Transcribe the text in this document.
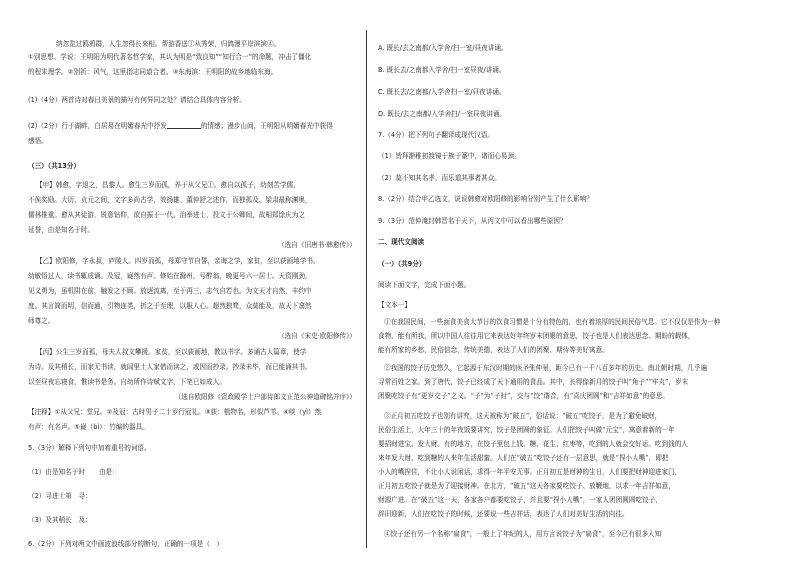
纳忽览过鸥鸦群，人生忽得长来相。帮游香送①从秀荣，归鸽漫平岸滨滨④。
①别思想、学说：王明阳为明代著名哲学家，其认为明是“致良知”“知行合一”的命题，冲击了僵化
的程朱理学。②别祈：风气，这里指志同道合者。③东海滨：王明阳的故乡地临东海。
(1)（4分）两首诗对春日美景的描写有何异同之处？请结合具体内容分析。
(2)（2分）行于湖畔，白居易在明媚春光中抒发	的情感；漫步山间，王明阳从明媚春光中获得
感悟。
（三）（共13分）
【甲】韩愈，字退之，昌黎人。愈生三岁而孤，养于从父兄①。愈自以孤子，幼刻苦学儒，
不俟奖励。大历、贞元之间，文字多尚古学，效扬雄、董仲舒之述作，而独孤及、梁肃最称渊奥，
儒林推重。愈从其徒游，锐意钻仰，欲自振于一代。洎举进士，投文于公卿间，故相郑馀庆为之
延誉，由是知名于时。
（选自《旧唐书·韩愈传》）
【乙】欧阳修，字永叔，庐陵人。四岁而孤，母郑守节自誓，亲诲之学，家贫，至以荻画地学书。
幼敏悟过人，读书辄成诵。及冠，嶷然有声。修始在滁州，号醉翁，晚更号六一居士。天资刚劲，
见义勇为，虽机阱在前，触发之不顾。放逐流离，至于再三，志气自若也。为文天才自然，丰约中
度。其言简而明，信而通，引物连类，折之于至理，以服人心。超然独骛，众莫能及，故天下翕然
师尊之。
（选自《宋史·欧阳修传》）
【丙】公生三岁而孤，母夫人叔文攀援。家贫，至以荻画地，教以书字。多诵古人篇章，使学
为诗。及其稍长，而家无书读，就闾里士人家借而读之，或因而抄录。抄录未毕，而已能诵其书。
以至昼夜忘寝食，惟读书是务。自幼所作诗赋文字，下笔已如成人。
（选自欧阳修《资政殿学士户部侍郎文正范公神道碑铭并序》）
【注释】①从父兄：堂兄。②及冠：古时男子二十岁行冠礼。③荻：植物名，形似芦苇。④啖（yì）然
有声：有名声。⑤嶷（bì）：竹编的器具。
5.（3分）解释下列句中加着重号的词语。
（1）由是知名于时 由是：
（2）寻进士第　寻：
（3）及其稍长　及：
6.（2分）下列对两文中画波浪线部分的断句，正确的一项是（　）
A. 既长/去之南都/入学舍/扫一室/昼夜讲诵。
B. 既长去/之南都入学舍/扫一室昼夜/讲诵。
C. 既长去/之南都/入学舍扫一室/昼夜讲诵。
D. 既长/去之南都/入学舍扫/一室昼夜讲诵。
7.（4分）把下列句子翻译成现代汉语。
（1）皆拜渐稚初渡镜于族于篆中，诸而心易颈。
（2）莫不知其名孝，而乐道其事者甚众。
8.（2分）结合甲乙选文，说说韩愈对欧阳修的影响分别产生了什么影响？
9.（3分）范仲淹封韩晋名于天下，从丙文中可以看出哪些原因？
二、现代文阅读
（一）（共9分）
阅读下面文字，完成下面小题。
【文本一】
①在我国民间，一些面食美食大节日的饮食习惯是十分有特色的，也有着浓厚的民间民俗气息。它不仅仅是作为一种
食物，能有所我，所以中国人往往用它来表达好年终岁末团聚的意思，饺子也是人们表达思念、期盼的载体，
能有所家的乡愁，民俗信念，传统美德，表达了人们的团聚、期待等美好寓意。
②我国的饺子历史悠久，它起源于东汉时期的医圣张仲景，距今已有一千八百多年的历史。南北朝时期，几乎遍
寻常百姓之家。到了唐代，饺子已经成了天下通用的食品。其中，长得像新月的饺子叫“角子”“牢丸”，岁末
团聚吃饺子有“更岁交子”之义。“子”为“子时”，交与“饺”谐音，有“喜庆团圆”和“吉祥如意”的意思。
③正月初五吃饺子也别有讲究，这天被称为“破五”，俗话说：“破五”吃饺子，是为了避免破财，
民俗生活上，大年三十的年夜饭要讲究，饺子是团圆的象征。人们把饺子叫做“元宝”，寓意着新的一年
要招财进宝、发大财。有的地方，在饺子里包上钱、糖、花生、红枣等，吃到的人就会交好运。吃到钱的人
来年发大财，吃到糖的人来年生活甜蜜。人们在“破五”吃饺子还有一层意思，就是“捏小人嘴”，即把
小人的嘴捏住，不让小人说闲话，求得一年平安无事。正月初五是财神的生日，人们要把财神迎进家门，
正月初五吃饺子就是为了迎接财神。在北方，“破五”这天各家要吃饺子、放鞭炮，以求一年吉祥如意，
财源广进。在“破五”这一天，各家各户都要吃饺子，并且要“捏小人嘴”，一家人团团圆圆吃饺子，
辞旧迎新，人们在吃饺子的时候，还要说一些吉祥话，表达了人们对美好生活的向往。
④饺子还有另一个名称“扁食”，一般上了年纪的人，用方言说饺子为“扁食”，至今已有很多人知
